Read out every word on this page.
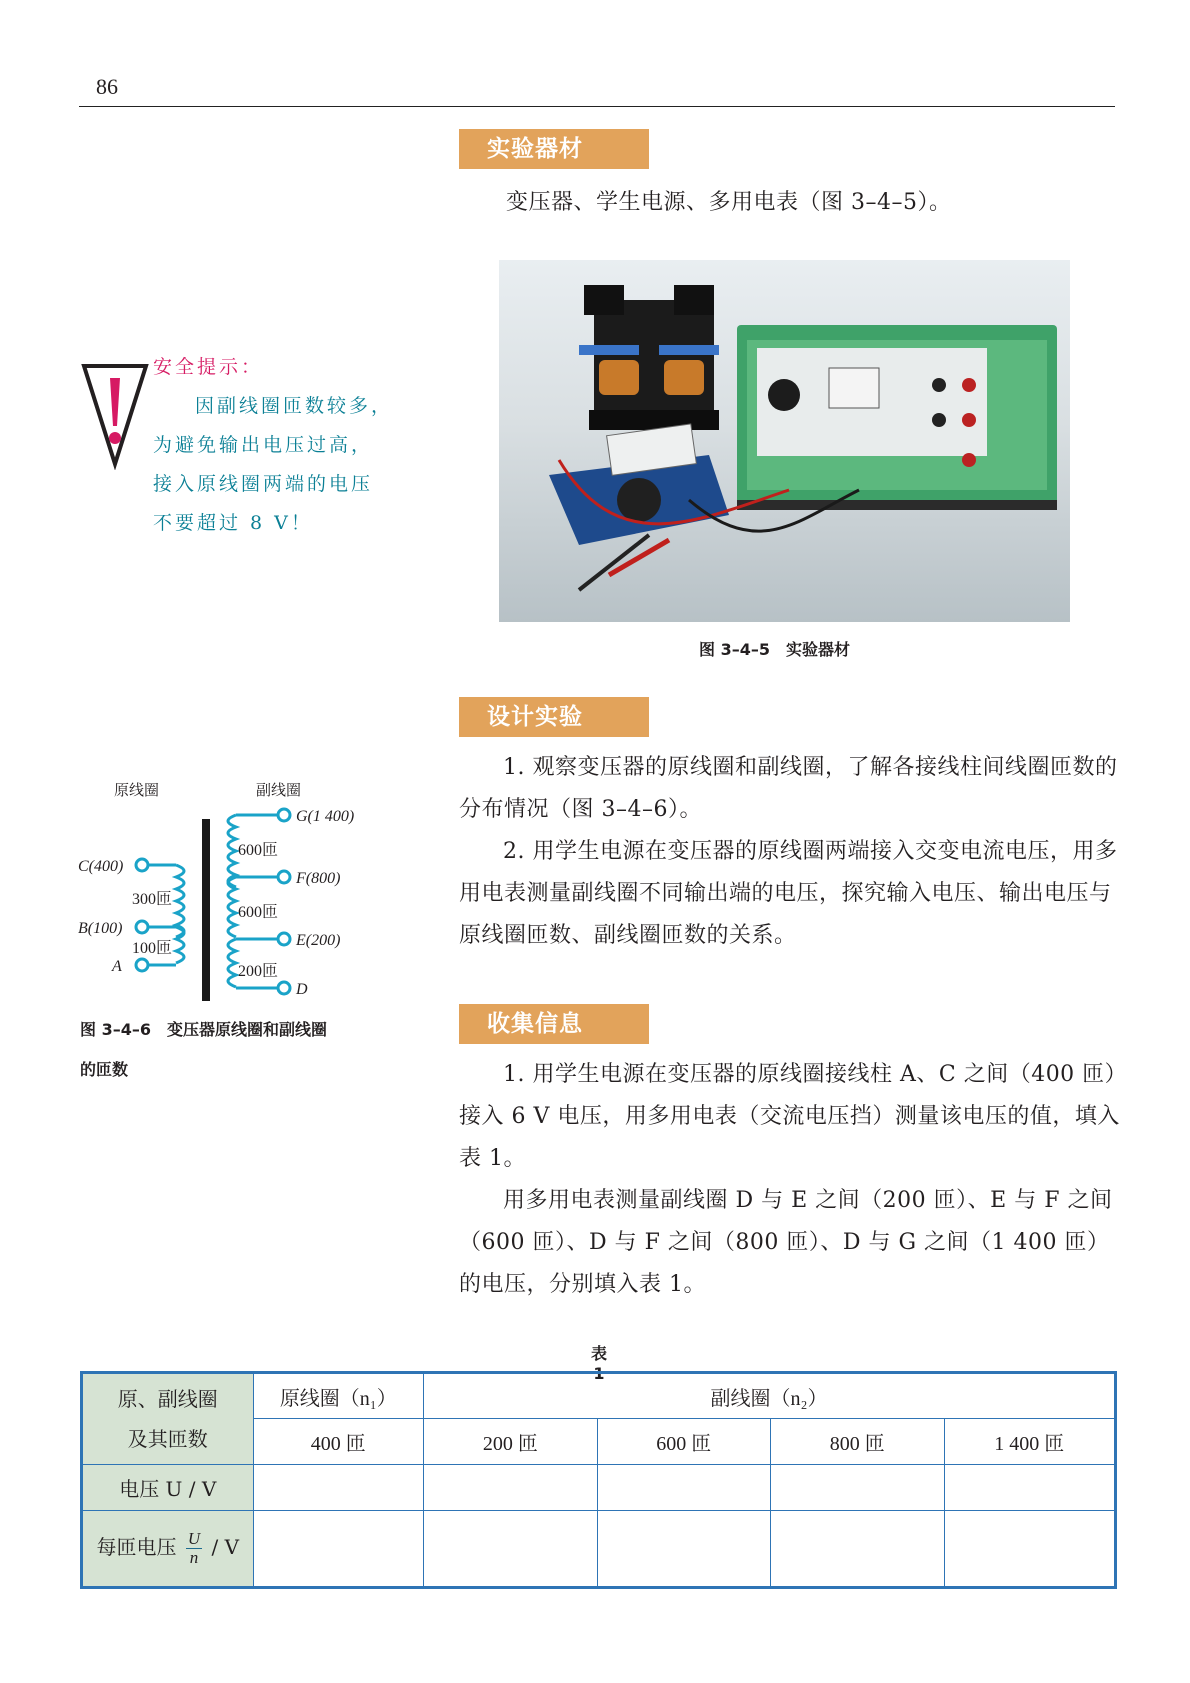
86
实验器材
变压器、学生电源、多用电表（图 3–4–5）。
图 3–4–5　实验器材
安全提示：
因副线圈匝数较多，
为避免输出电压过高，
接入原线圈两端的电压
不要超过 8 V！
设计实验
1. 观察变压器的原线圈和副线圈，了解各接线柱间线圈匝数的分布情况（图 3–4–6）。
2. 用学生电源在变压器的原线圈两端接入交变电流电压，用多用电表测量副线圈不同输出端的电压，探究输入电压、输出电压与原线圈匝数、副线圈匝数的关系。
原线圈	副线圈
C(400)
B(100)
A
300匝
100匝
G(1 400)
F(800)
E(200)
D
600匝
600匝
200匝
图 3–4–6　变压器原线圈和副线圈
的匝数
收集信息
1. 用学生电源在变压器的原线圈接线柱 A、C 之间（400 匝）接入 6 V 电压，用多用电表（交流电压挡）测量该电压的值，填入表 1。
用多用电表测量副线圈 D 与 E 之间（200 匝）、E 与 F 之间（600 匝）、D 与 F 之间（800 匝）、D 与 G 之间（1 400 匝）的电压，分别填入表 1。
表 1
原、副线圈
及其匝数	原线圈（n₁）	副线圈（n₂）			
	400 匝	200 匝	600 匝	800 匝	1 400 匝
电压 U / V					
每匝电压 $\frac{U}{n}$ / V					
